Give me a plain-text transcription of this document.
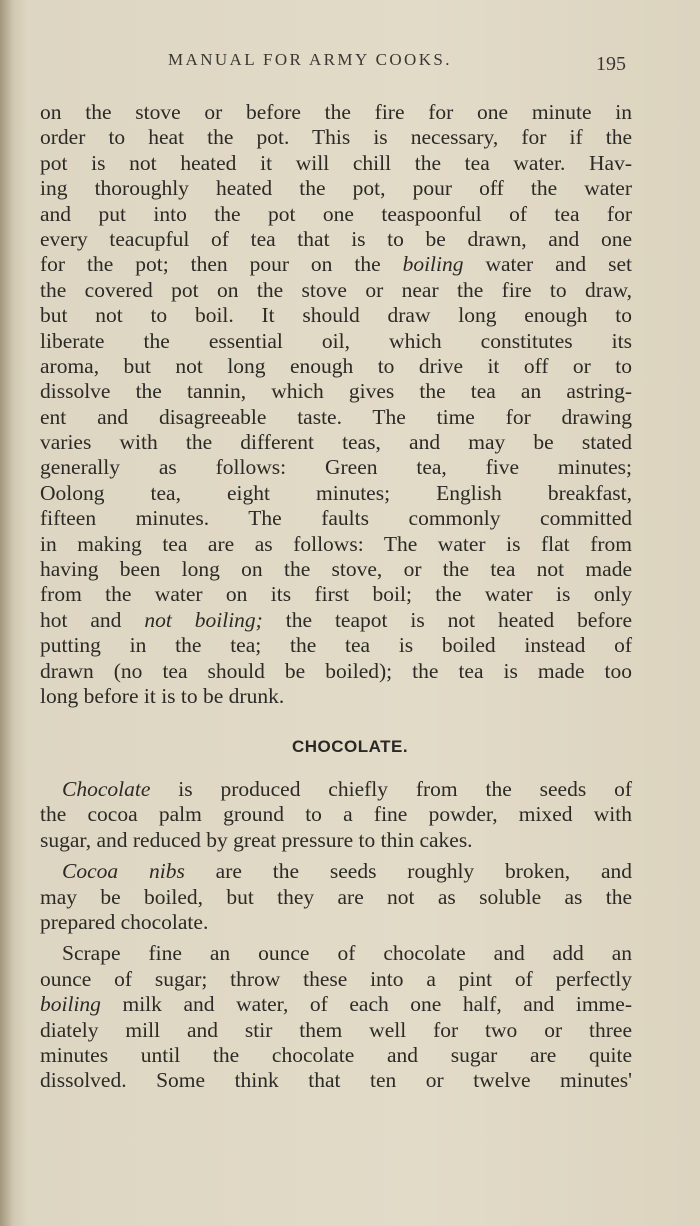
MANUAL FOR ARMY COOKS.	195
on the stove or before the fire for one minute in
order to heat the pot. This is necessary, for if the
pot is not heated it will chill the tea water. Hav-
ing thoroughly heated the pot, pour off the water
and put into the pot one teaspoonful of tea for
every teacupful of tea that is to be drawn, and one
for the pot; then pour on the boiling water and set
the covered pot on the stove or near the fire to draw,
but not to boil. It should draw long enough to
liberate the essential oil, which constitutes its
aroma, but not long enough to drive it off or to
dissolve the tannin, which gives the tea an astring-
ent and disagreeable taste. The time for drawing
varies with the different teas, and may be stated
generally as follows: Green tea, five minutes;
Oolong tea, eight minutes; English breakfast,
fifteen minutes. The faults commonly committed
in making tea are as follows: The water is flat from
having been long on the stove, or the tea not made
from the water on its first boil; the water is only
hot and not boiling; the teapot is not heated before
putting in the tea; the tea is boiled instead of
drawn (no tea should be boiled); the tea is made too
long before it is to be drunk.
CHOCOLATE.
Chocolate is produced chiefly from the seeds of
the cocoa palm ground to a fine powder, mixed with
sugar, and reduced by great pressure to thin cakes.
Cocoa nibs are the seeds roughly broken, and
may be boiled, but they are not as soluble as the
prepared chocolate.
Scrape fine an ounce of chocolate and add an
ounce of sugar; throw these into a pint of perfectly
boiling milk and water, of each one half, and imme-
diately mill and stir them well for two or three
minutes until the chocolate and sugar are quite
dissolved. Some think that ten or twelve minutes'
